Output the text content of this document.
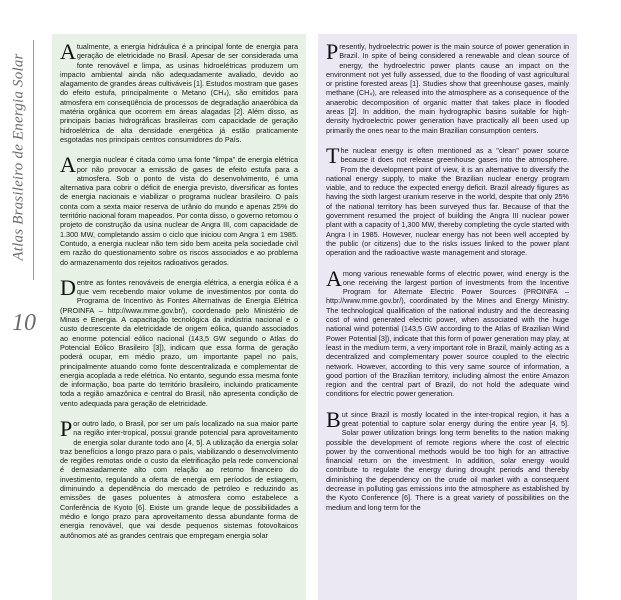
Atlas Brasileiro de Energia Solar
10

Atualmente, a energia hidráulica é a principal fonte de energia para geração de eletricidade no Brasil. Apesar de ser considerada uma fonte renovável e limpa, as usinas hidroelétricas produzem um impacto ambiental ainda não adequadamente avaliado, devido ao alagamento de grandes áreas cultiváveis [1]. Estudos mostram que gases do efeito estufa, principalmente o Metano (CH₄), são emitidos para atmosfera em conseqüência de processos de degradação anaeróbica da matéria orgânica que ocorrem em áreas alagadas [2]. Além disso, as principais bacias hidrográficas brasileiras com capacidade de geração hidroelétrica de alta densidade energética já estão praticamente esgotadas nos principais centros consumidores do País.

A energia nuclear é citada como uma fonte "limpa" de energia elétrica por não provocar a emissão de gases de efeito estufa para a atmosfera. Sob o ponto de vista do desenvolvimento, é uma alternativa para cobrir o déficit de energia previsto, diversificar as fontes de energia nacionais e viabilizar o programa nuclear brasileiro. O país conta com a sexta maior reserva de urânio do mundo e apenas 25% do território nacional foram mapeados. Por conta disso, o governo retomou o projeto de construção da usina nuclear de Angra III, com capacidade de 1.300 MW, completando assim o ciclo que iniciou com Angra 1 em 1985. Contudo, a energia nuclear não tem sido bem aceita pela sociedade civil em razão do questionamento sobre os riscos associados e ao problema do armazenamento dos rejeitos radioativos gerados.

Dentre as fontes renováveis de energia elétrica, a energia eólica é a que vem recebendo maior volume de investimentos por conta do Programa de Incentivo às Fontes Alternativas de Energia Elétrica (PROINFA – http://www.mme.gov.br/), coordenado pelo Ministério de Minas e Energia. A capacitação tecnológica da indústria nacional e o custo decrescente da eletricidade de origem eólica, quando associados ao enorme potencial eólico nacional (143,5 GW segundo o Atlas do Potencial Eólico Brasileiro [3]), indicam que essa forma de geração poderá ocupar, em médio prazo, um importante papel no país, principalmente atuando como fonte descentralizada e complementar de energia acoplada a rede elétrica. No entanto, segundo essa mesma fonte de informação, boa parte do território brasileiro, incluindo praticamente toda a região amazônica e central do Brasil, não apresenta condição de vento adequada para geração de eletricidade.

Por outro lado, o Brasil, por ser um país localizado na sua maior parte na região inter-tropical, possui grande potencial para aproveitamento de energia solar durante todo ano [4, 5]. A utilização da energia solar traz benefícios a longo prazo para o país, viabilizando o desenvolvimento de regiões remotas onde o custo da eletrificação pela rede convencional é demasiadamente alto com relação ao retorno financeiro do investimento, regulando a oferta de energia em períodos de estiagem, diminuindo a dependência do mercado de petróleo e reduzindo as emissões de gases poluentes à atmosfera como estabelece a Conferência de Kyoto [6]. Existe um grande leque de possibilidades a médio e longo prazo para aproveitamento dessa abundante forma de energia renovável, que vai desde pequenos sistemas fotovoltaicos autônomos até as grandes centrais que empregam energia solar

Presently, hydroelectric power is the main source of power generation in Brazil. In spite of being considered a renewable and clean source of energy, the hydroelectric power plants cause an impact on the environment not yet fully assessed, due to the flooding of vast agricultural or pristine forested areas [1]. Studies show that greenhouse gases, mainly methane (CH₄), are released into the atmosphere as a consequence of the anaerobic decomposition of organic matter that takes place in flooded areas [2]. In addition, the main hydrographic basins suitable for high-density hydroelectric power generation have practically all been used up primarily the ones near to the main Brazilian consumption centers.

The nuclear energy is often mentioned as a "clean" power source because it does not release greenhouse gases into the atmosphere. From the development point of view, it is an alternative to diversify the national energy supply, to make the Brazilian nuclear energy program viable, and to reduce the expected energy deficit. Brazil already figures as having the sixth largest uranium reserve in the world, despite that only 25% of the national territory has been surveyed thus far. Because of that the government resumed the project of building the Angra III nuclear power plant with a capacity of 1,300 MW, thereby completing the cycle started with Angra I in 1985. However, nuclear energy has not been well accepted by the public (or citizens) due to the risks issues linked to the power plant operation and the radioactive waste management and storage.

Among various renewable forms of electric power, wind energy is the one receiving the largest portion of investments from the Incentive Program for Alternate Electric Power Sources (PROINFA – http://www.mme.gov.br/), coordinated by the Mines and Energy Ministry. The technological qualification of the national industry and the decreasing cost of wind generated electric power, when associated with the huge national wind potential (143,5 GW according to the Atlas of Brazilian Wind Power Potential [3]), indicate that this form of power generation may play, at least in the medium term, a very important role in Brazil, mainly acting as a decentralized and complementary power source coupled to the electric network. However, according to this very same source of information, a good portion of the Brazilian territory, including almost the entire Amazon region and the central part of Brazil, do not hold the adequate wind conditions for electric power generation.

But since Brazil is mostly located in the inter-tropical region, it has a great potential to capture solar energy during the entire year [4, 5]. Solar power utilization brings long term benefits to the nation making possible the development of remote regions where the cost of electric power by the conventional methods would be too high for an attractive financial return on the investment. In addition, solar energy would contribute to regulate the energy during drought periods and thereby diminishing the dependency on the crude oil market with a consequent decrease in polluting gas emissions into the atmosphere as established by the Kyoto Conference [6]. There is a great variety of possibilities on the medium and long term for the
